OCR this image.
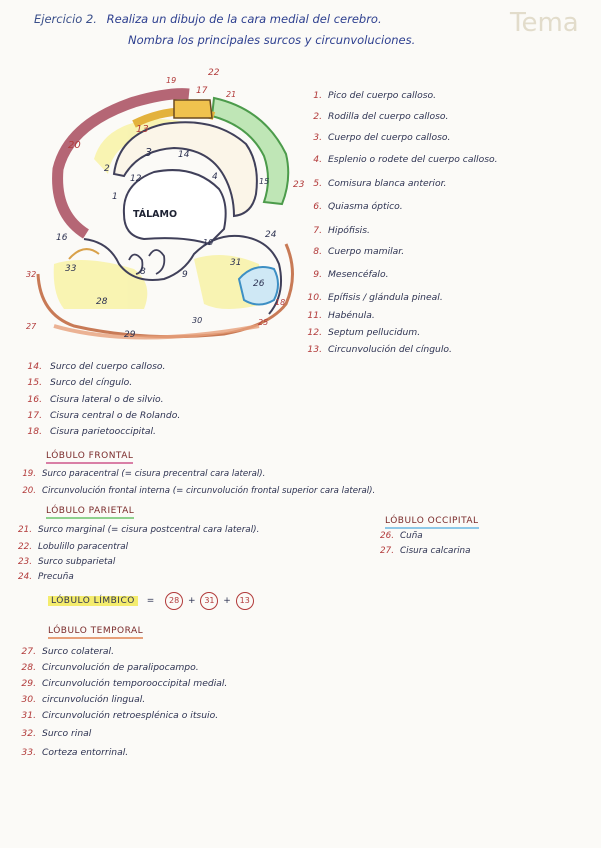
Ejercicio 2. Realiza un dibujo de la cara medial del cerebro.
Nombra los principales surcos y circunvoluciones.
Tema
TÁLAMO
1
2
3
4
12
13
14
15
16
17
19
20
21
22
23
24
26
18
25
28
29
30
31
32
33
27
8	9
10
1. Pico del cuerpo calloso.
2. Rodilla del cuerpo calloso.
3. Cuerpo del cuerpo calloso.
4. Esplenio o rodete del cuerpo calloso.
5. Comisura blanca anterior.
6. Quiasma óptico.
7. Hipófisis.
8. Cuerpo mamilar.
9. Mesencéfalo.
10. Epífisis / glándula pineal.
11. Habénula.
12. Septum pellucidum.
13. Circunvolución del cíngulo.
14. Surco del cuerpo calloso.
15. Surco del cíngulo.
16. Cisura lateral o de silvio.
17. Cisura central o de Rolando.
18. Cisura parietooccipital.
LÓBULO FRONTAL
19. Surco paracentral (= cisura precentral cara lateral).
20. Circunvolución frontal interna (= circunvolución frontal superior cara lateral).
LÓBULO PARIETAL
21. Surco marginal (= cisura postcentral cara lateral).
22. Lobulillo paracentral
23. Surco subparietal
24. Precuña
LÓBULO OCCIPITAL
26. Cuña
27. Cisura calcarina
LÓBULO LÍMBICO = 28 + 31 + 13
LÓBULO TEMPORAL
27. Surco colateral.
28. Circunvolución de paralipocampo.
29. Circunvolución temporooccipital medial.
30. circunvolución lingual.
31. Circunvolución retroesplénica o itsuio.
32. Surco rinal
33. Corteza entorrinal.
